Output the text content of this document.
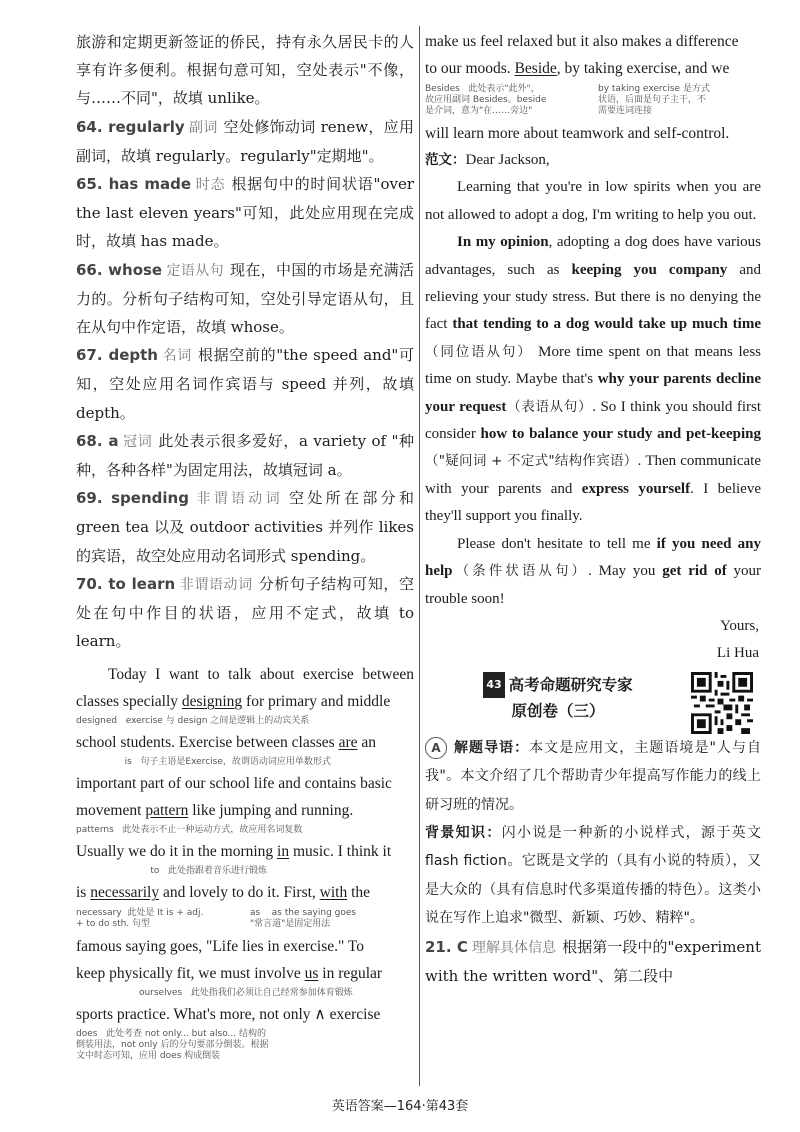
旅游和定期更新签证的侨民，持有永久居民卡的人享有许多便利。根据句意可知，空处表示"不像，与……不同"，故填 unlike。

64. regularly 副词 空处修饰动词 renew，应用副词，故填 regularly。regularly"定期地"。

65. has made 时态 根据句中的时间状语"over the last eleven years"可知，此处应用现在完成时，故填 has made。

66. whose 定语从句 现在，中国的市场是充满活力的。分析句子结构可知，空处引导定语从句，且在从句中作定语，故填 whose。

67. depth 名词 根据空前的"the speed and"可知，空处应用名词作宾语与 speed 并列，故填 depth。

68. a 冠词 此处表示很多爱好，a variety of "种种，各种各样"为固定用法，故填冠词 a。

69. spending 非谓语动词 空处所在部分和 green tea 以及 outdoor activities 并列作 likes 的宾语，故空处应用动名词形式 spending。

70. to learn 非谓语动词 分析句子结构可知，空处在句中作目的状语，应用不定式，故填 to learn。

Today I want to talk about exercise between classes specially designing for primary and middle

designed   exercise 与 design 之间是逻辑上的动宾关系

school students. Exercise between classes are an

is   句子主语是Exercise，故谓语动词应用单数形式

important part of our school life and contains basic

movement pattern like jumping and running.

patterns   此处表示不止一种运动方式，故应用名词复数

Usually we do it in the morning in music. I think it

to   此处指跟着音乐进行锻炼

is necessarily and lovely to do it. First, with the

necessary  此处是 It is + adj.
+ to do sth. 句型
as    as the saying goes
"常言道"是固定用法

famous saying goes, "Life lies in exercise." To

keep physically fit, we must involve us in regular

ourselves   此处指我们必须让自己经常参加体育锻炼

sports practice. What's more, not only ∧ exercise

does   此处考查 not only... but also... 结构的
倒装用法，not only 后的分句要部分倒装。根据
文中时态可知，应用 does 构成倒装

make us feel relaxed but it also makes a difference

to our moods. Beside, by taking exercise, and we

Besides   此处表示"此外"，
故应用副词 Besides。beside
是介词，意为"在……旁边"
by taking exercise 是方式
状语，后面是句子主干，不
需要连词连接

will learn more about teamwork and self-control.

范文：Dear Jackson,

Learning that you're in low spirits when you are not allowed to adopt a dog, I'm writing to help you out.

In my opinion, adopting a dog does have various advantages, such as keeping you company and relieving your study stress. But there is no denying the fact that tending to a dog would take up much time（同位语从句） More time spent on that means less time on study. Maybe that's why your parents decline your request（表语从句）. So I think you should first consider how to balance your study and pet-keeping（"疑问词 + 不定式"结构作宾语）. Then communicate with your parents and express yourself. I believe they'll support you finally.

Please don't hesitate to tell me if you need any help（条件状语从句）. May you get rid of your trouble soon!

Yours,

Li Hua

43 高考命题研究专家
原创卷（三）

A 解题导语：本文是应用文，主题语境是"人与自我"。本文介绍了几个帮助青少年提高写作能力的线上研习班的情况。

背景知识：闪小说是一种新的小说样式，源于英文 flash fiction。它既是文学的（具有小说的特质），又是大众的（具有信息时代多渠道传播的特色）。这类小说在写作上追求"微型、新颖、巧妙、精粹"。

21. C 理解具体信息 根据第一段中的"experiment with the written word"、第二段中

英语答案—164·第43套
